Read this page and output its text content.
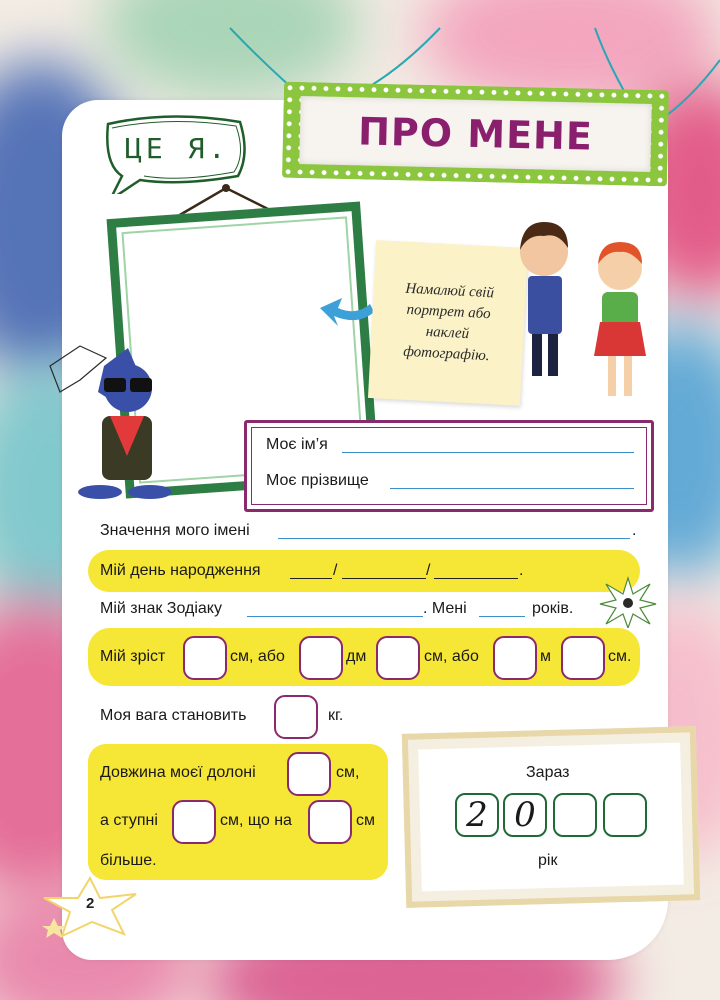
ПРО МЕНЕ
ЦЕ Я.
Намалюй свій портрет або наклей фотографію.
Моє ім’я
Моє прізвище
Значення мого імені	.
Мій день народження	/	/	.
Мій знак Зодіаку	. Мені	років.
Мій зріст	см, або	дм	см, або	м	см.
Моя вага становить	кг.
Довжина моєї долоні	см,
а ступні	см, що на	см
більше.
Зараз
2 0
рік
2
